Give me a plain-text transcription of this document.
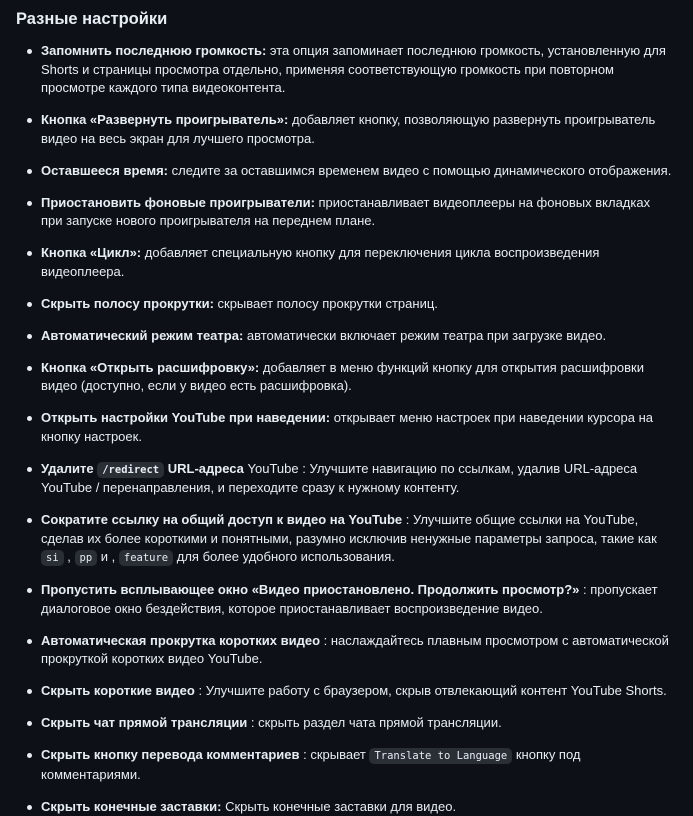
Разные настройки
Запомнить последнюю громкость: эта опция запоминает последнюю громкость, установленную для Shorts и страницы просмотра отдельно, применяя соответствующую громкость при повторном просмотре каждого типа видеоконтента.
Кнопка «Развернуть проигрыватель»: добавляет кнопку, позволяющую развернуть проигрыватель видео на весь экран для лучшего просмотра.
Оставшееся время: следите за оставшимся временем видео с помощью динамического отображения.
Приостановить фоновые проигрыватели: приостанавливает видеоплееры на фоновых вкладках при запуске нового проигрывателя на переднем плане.
Кнопка «Цикл»: добавляет специальную кнопку для переключения цикла воспроизведения видеоплеера.
Скрыть полосу прокрутки: скрывает полосу прокрутки страниц.
Автоматический режим театра: автоматически включает режим театра при загрузке видео.
Кнопка «Открыть расшифровку»: добавляет в меню функций кнопку для открытия расшифровки видео (доступно, если у видео есть расшифровка).
Открыть настройки YouTube при наведении: открывает меню настроек при наведении курсора на кнопку настроек.
Удалите /redirect URL-адреса YouTube : Улучшите навигацию по ссылкам, удалив URL-адреса YouTube / перенаправления, и переходите сразу к нужному контенту.
Сократите ссылку на общий доступ к видео на YouTube : Улучшите общие ссылки на YouTube, сделав их более короткими и понятными, разумно исключив ненужные параметры запроса, такие как si , pp и , feature для более удобного использования.
Пропустить всплывающее окно «Видео приостановлено. Продолжить просмотр?» : пропускает диалоговое окно бездействия, которое приостанавливает воспроизведение видео.
Автоматическая прокрутка коротких видео : наслаждайтесь плавным просмотром с автоматической прокруткой коротких видео YouTube.
Скрыть короткие видео : Улучшите работу с браузером, скрыв отвлекающий контент YouTube Shorts.
Скрыть чат прямой трансляции : скрыть раздел чата прямой трансляции.
Скрыть кнопку перевода комментариев : скрывает Translate to Language кнопку под комментариями.
Скрыть конечные заставки: Скрыть конечные заставки для видео.
